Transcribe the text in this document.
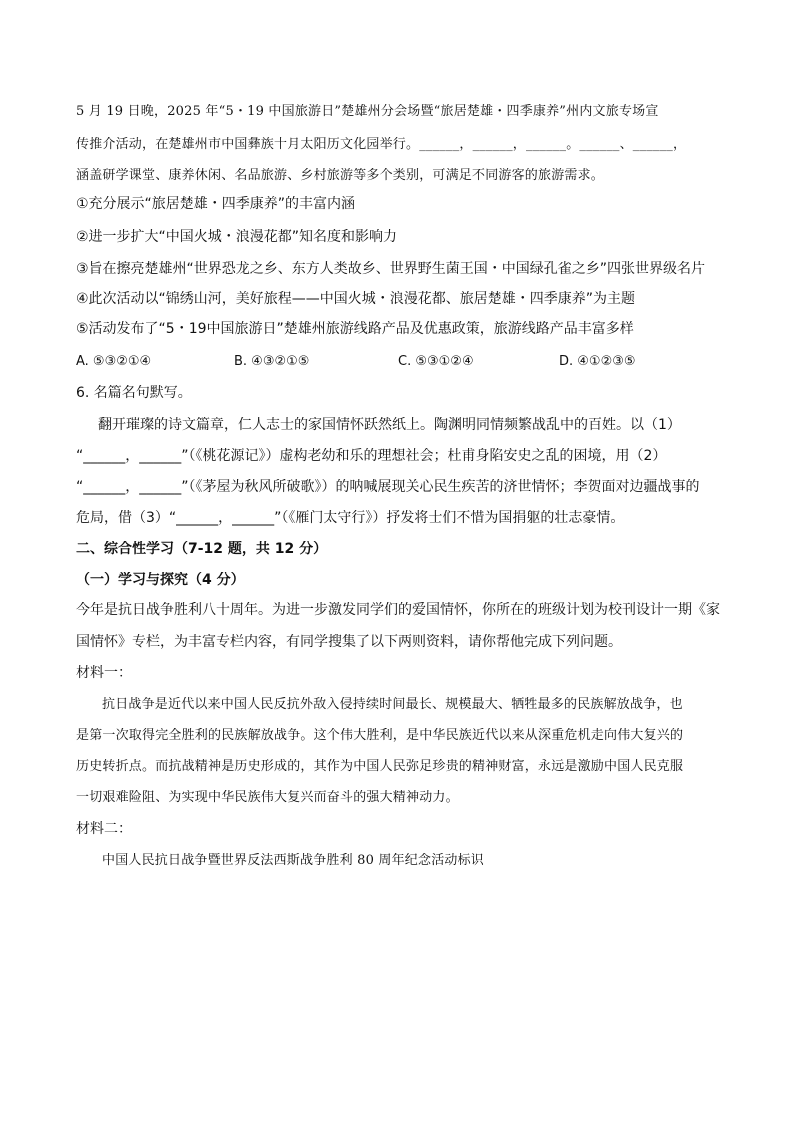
5 月 19 日晚，2025 年“5・19 中国旅游日”楚雄州分会场暨“旅居楚雄・四季康养”州内文旅专场宣
传推介活动，在楚雄州市中国彝族十月太阳历文化园举行。______，______，______。______、______，
涵盖研学课堂、康养休闲、名品旅游、乡村旅游等多个类别，可满足不同游客的旅游需求。
①充分展示“旅居楚雄・四季康养”的丰富内涵
②进一步扩大“中国火城・浪漫花都”知名度和影响力
③旨在擦亮楚雄州“世界恐龙之乡、东方人类故乡、世界野生菌王国・中国绿孔雀之乡”四张世界级名片
④此次活动以“锦绣山河，美好旅程——中国火城・浪漫花都、旅居楚雄・四季康养”为主题
⑤活动发布了“5・19中国旅游日”楚雄州旅游线路产品及优惠政策，旅游线路产品丰富多样
A. ⑤③②①④	B. ④③②①⑤	C. ⑤③①②④	D. ④①②③⑤
6. 名篇名句默写。
翻开璀璨的诗文篇章，仁人志士的家国情怀跃然纸上。陶渊明同情频繁战乱中的百姓。以（1）
“______，______”（《桃花源记》）虚构老幼和乐的理想社会；杜甫身陷安史之乱的困境，用（2）
“______，______”（《茅屋为秋风所破歌》）的呐喊展现关心民生疾苦的济世情怀；李贺面对边疆战事的
危局，借（3）“______，______”（《雁门太守行》）抒发将士们不惜为国捐躯的壮志豪情。
二、综合性学习（7-12 题，共 12 分）
（一）学习与探究（4 分）
今年是抗日战争胜利八十周年。为进一步激发同学们的爱国情怀，你所在的班级计划为校刊设计一期《家
国情怀》专栏，为丰富专栏内容，有同学搜集了以下两则资料，请你帮他完成下列问题。
材料一：
抗日战争是近代以来中国人民反抗外敌入侵持续时间最长、规模最大、牺牲最多的民族解放战争，也
是第一次取得完全胜利的民族解放战争。这个伟大胜利，是中华民族近代以来从深重危机走向伟大复兴的
历史转折点。而抗战精神是历史形成的，其作为中国人民弥足珍贵的精神财富，永远是激励中国人民克服
一切艰难险阻、为实现中华民族伟大复兴而奋斗的强大精神动力。
材料二：
中国人民抗日战争暨世界反法西斯战争胜利 80 周年纪念活动标识
